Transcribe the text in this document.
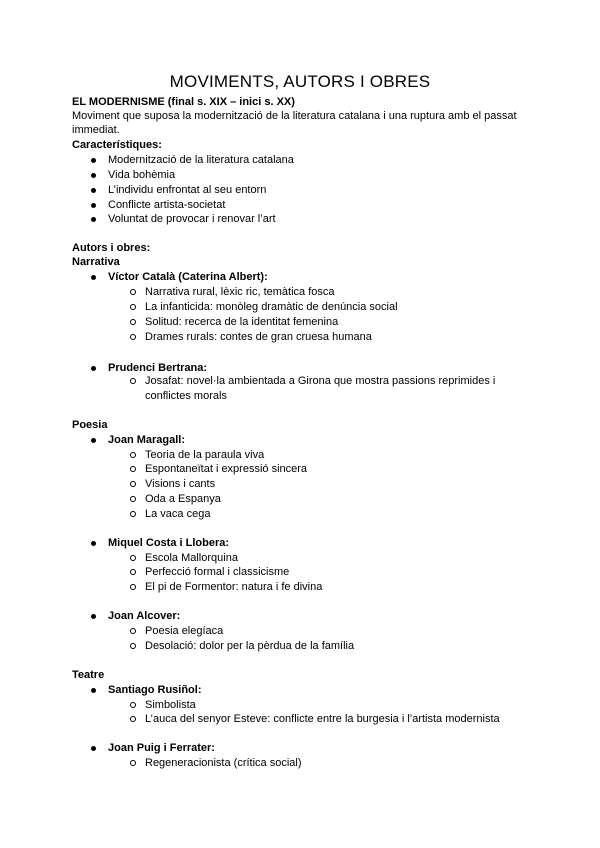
MOVIMENTS, AUTORS I OBRES
EL MODERNISME (final s. XIX – inici s. XX)
Moviment que suposa la modernització de la literatura catalana i una ruptura amb el passat
immediat.
Característiques:
Modernització de la literatura catalana
Vida bohèmia
L’individu enfrontat al seu entorn
Conflicte artista-societat
Voluntat de provocar i renovar l’art
Autors i obres:
Narrativa
Víctor Català (Caterina Albert):
Narrativa rural, lèxic ric, temàtica fosca
La infanticida: monòleg dramàtic de denúncia social
Solitud: recerca de la identitat femenina
Drames rurals: contes de gran cruesa humana
Prudenci Bertrana:
Josafat: novel·la ambientada a Girona que mostra passions reprimides i
conflictes morals
Poesia
Joan Maragall:
Teoria de la paraula viva
Espontaneïtat i expressió sincera
Visions i cants
Oda a Espanya
La vaca cega
Miquel Costa i Llobera:
Escola Mallorquina
Perfecció formal i classicisme
El pi de Formentor: natura i fe divina
Joan Alcover:
Poesia elegíaca
Desolació: dolor per la pèrdua de la família
Teatre
Santiago Rusiñol:
Simbolista
L’auca del senyor Esteve: conflicte entre la burgesia i l’artista modernista
Joan Puig i Ferrater:
Regeneracionista (crítica social)
